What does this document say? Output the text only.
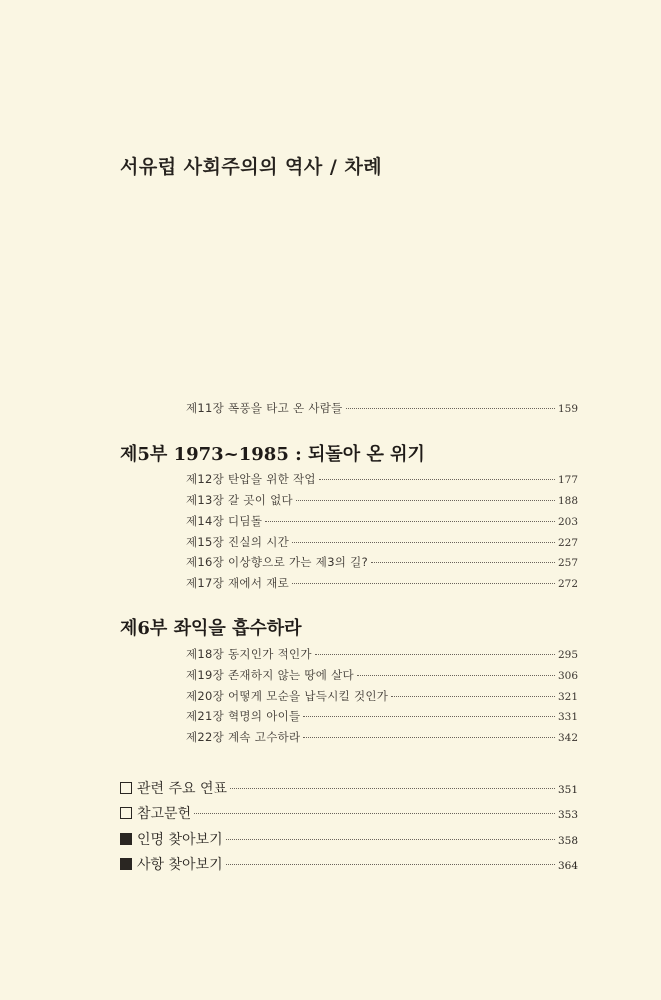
서유럽 사회주의의 역사 / 차례
제11장 폭풍을 타고 온 사람들	159
제5부 1973~1985 : 되돌아 온 위기
제12장 탄압을 위한 작업	177
제13장 갈 곳이 없다	188
제14장 디딤돌	203
제15장 진실의 시간	227
제16장 이상향으로 가는 제3의 길?	257
제17장 재에서 재로	272
제6부 좌익을 흡수하라
제18장 동지인가 적인가	295
제19장 존재하지 않는 땅에 살다	306
제20장 어떻게 모순을 납득시킬 것인가	321
제21장 혁명의 아이들	331
제22장 계속 고수하라	342
관련 주요 연표	351
참고문헌	353
인명 찾아보기	358
사항 찾아보기	364
